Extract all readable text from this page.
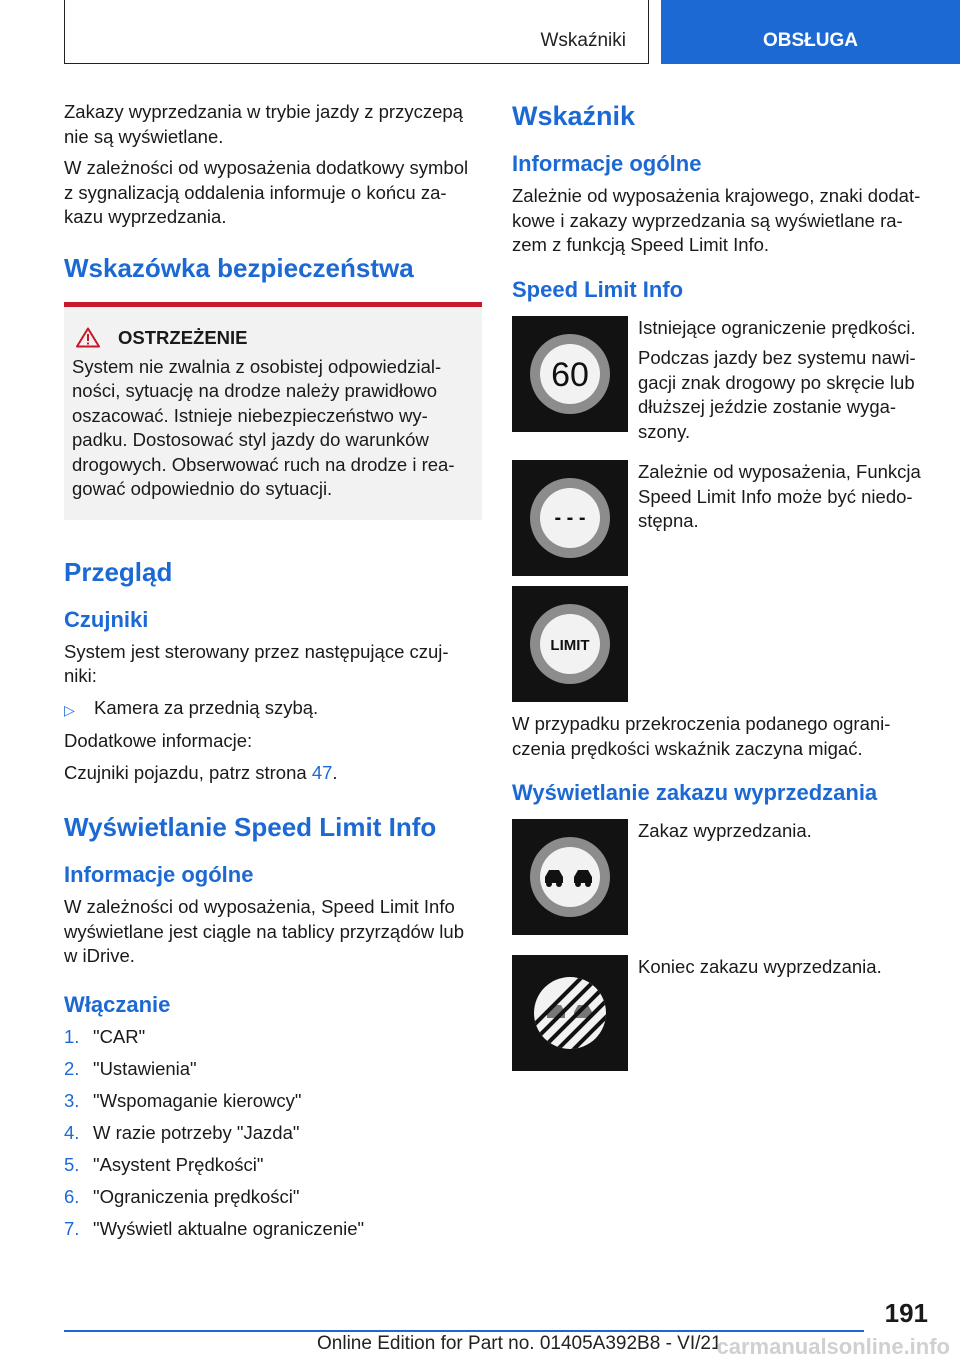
Wskaźniki	OBSŁUGA

Zakazy wyprzedzania w trybie jazdy z przyczepą nie są wyświetlane.

W zależności od wyposażenia dodatkowy symbol z sygnalizacją oddalenia informuje o końcu za- kazu wyprzedzania.

Wskazówka bezpieczeństwa
OSTRZEŻENIE

System nie zwalnia z osobistej odpowiedzial- ności, sytuację na drodze należy prawidłowo oszacować. Istnieje niebezpieczeństwo wy- padku. Dostosować styl jazdy do warunków drogowych. Obserwować ruch na drodze i rea- gować odpowiednio do sytuacji.

Przegląd
Czujniki

System jest sterowany przez następujące czuj- niki:

▷	Kamera za przednią szybą.

Dodatkowe informacje:

Czujniki pojazdu, patrz strona 47.

Wyświetlanie Speed Limit Info
Informacje ogólne

W zależności od wyposażenia, Speed Limit Info wyświetlane jest ciągle na tablicy przyrządów lub w iDrive.

Włączanie
1. "CAR"
2. "Ustawienia"
3. "Wspomaganie kierowcy"
4. W razie potrzeby "Jazda"
5. "Asystent Prędkości"
6. "Ograniczenia prędkości"
7. "Wyświetl aktualne ograniczenie"
Wskaźnik
Informacje ogólne

Zależnie od wyposażenia krajowego, znaki dodat- kowe i zakazy wyprzedzania są wyświetlane ra- zem z funkcją Speed Limit Info.

Speed Limit Info
60

Istniejące ograniczenie prędkości.

Podczas jazdy bez systemu nawi- gacji znak drogowy po skręcie lub dłuższej jeździe zostanie wyga- szony.

- - -

Zależnie od wyposażenia, Funkcja Speed Limit Info może być niedo- stępna.

LIMIT

W przypadku przekroczenia podanego ograni- czenia prędkości wskaźnik zaczyna migać.

Wyświetlanie zakazu wyprzedzania

Zakaz wyprzedzania.

Koniec zakazu wyprzedzania.

191
Online Edition for Part no. 01405A392B8 - VI/21
carmanualsonline.info
